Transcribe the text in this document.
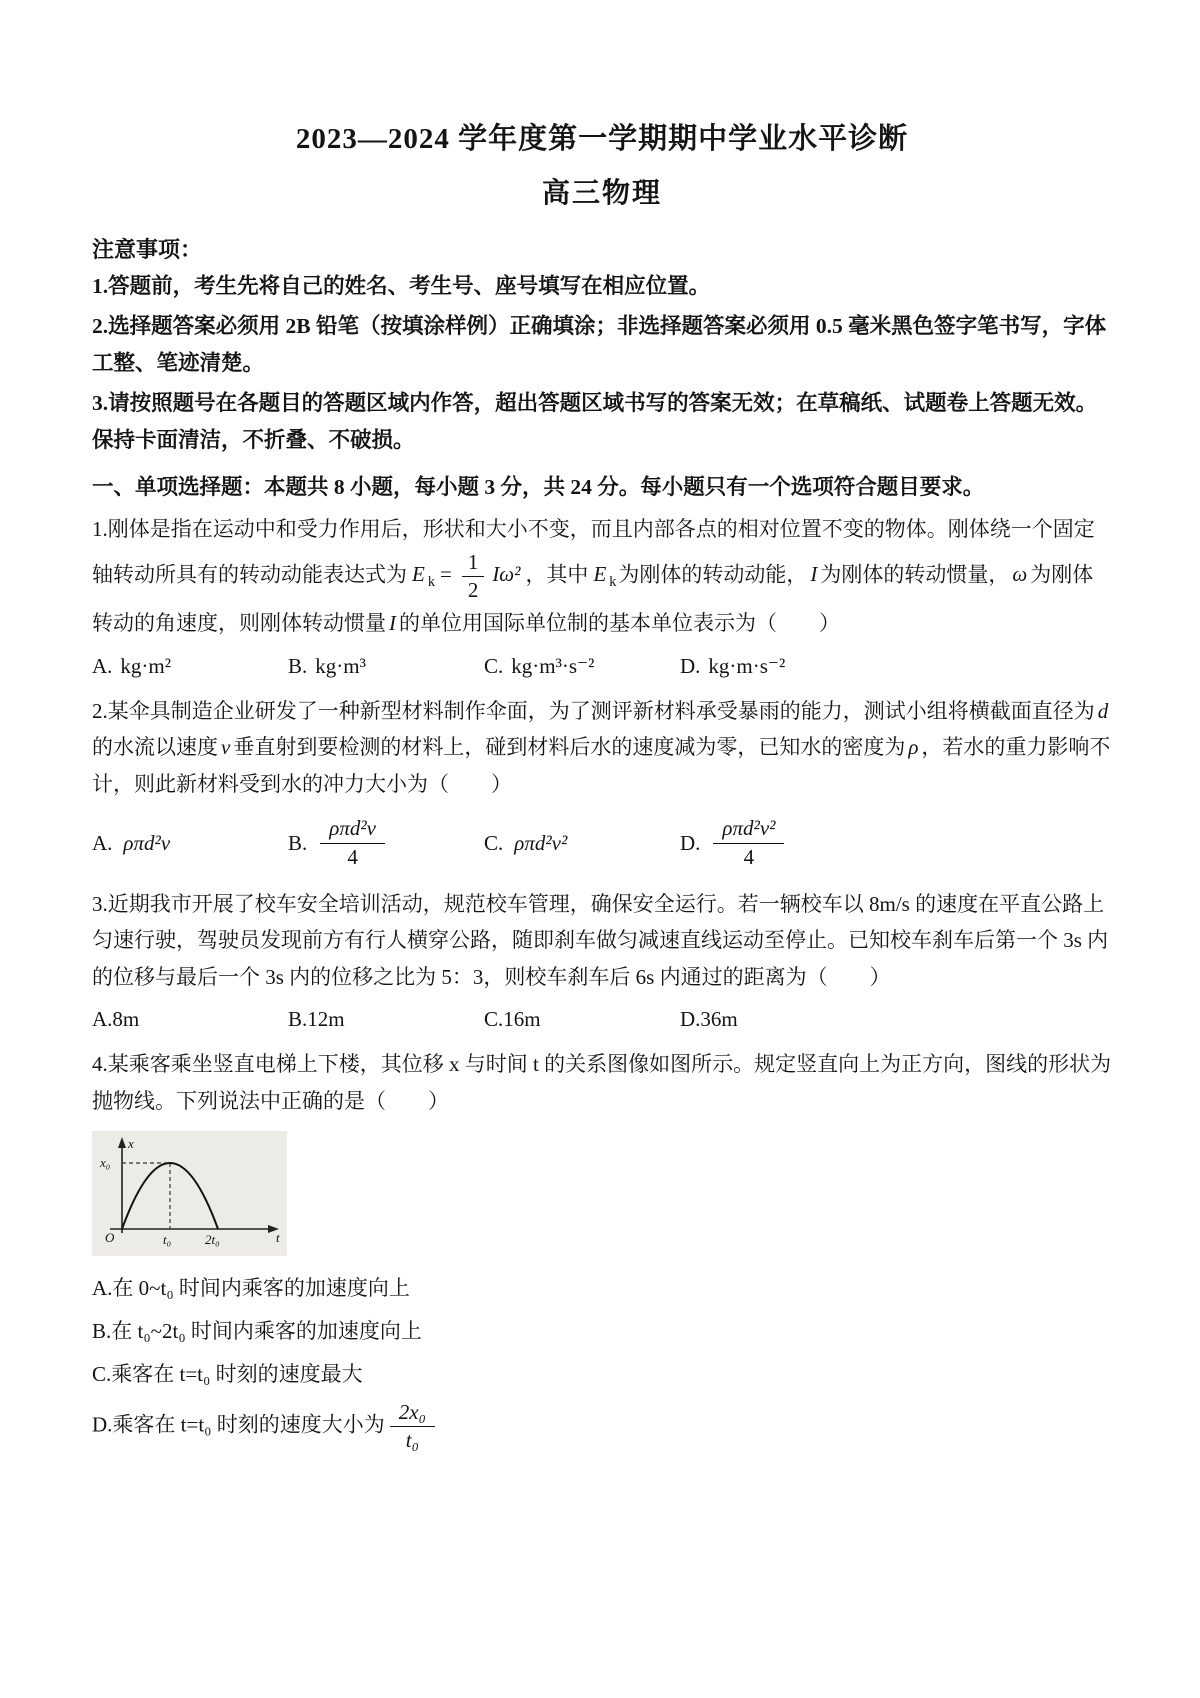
2023—2024 学年度第一学期期中学业水平诊断
高三物理

注意事项：

1.答题前，考生先将自己的姓名、考生号、座号填写在相应位置。

2.选择题答案必须用 2B 铅笔（按填涂样例）正确填涂；非选择题答案必须用 0.5 毫米黑色签字笔书写，字体工整、笔迹清楚。

3.请按照题号在各题目的答题区域内作答，超出答题区域书写的答案无效；在草稿纸、试题卷上答题无效。保持卡面清洁，不折叠、不破损。

一、单项选择题：本题共 8 小题，每小题 3 分，共 24 分。每小题只有一个选项符合题目要求。

1.刚体是指在运动中和受力作用后，形状和大小不变，而且内部各点的相对位置不变的物体。刚体绕一个固定轴转动所具有的转动动能表达式为 E $_k = \frac{1}{2} I\omega^2$ ，其中 E $_k$为刚体的转动动能， I 为刚体的转动惯量， ω 为刚体转动的角速度，则刚体转动惯量 I 的单位用国际单位制的基本单位表示为（　　）

A. kg·m²	B. kg·m³	C. kg·m³·s⁻²	D. kg·m·s⁻²

2.某伞具制造企业研发了一种新型材料制作伞面，为了测评新材料承受暴雨的能力，测试小组将横截面直径为 d的水流以速度 v 垂直射到要检测的材料上，碰到材料后水的速度减为零，已知水的密度为 ρ ，若水的重力影响不计，则此新材料受到水的冲力大小为（　　）

A. ρπd²v	B. $\frac{\text{ρπd²v}}{4}$	C. ρπd²v²	D. $\frac{\text{ρπd²v²}}{4}$

3.近期我市开展了校车安全培训活动，规范校车管理，确保安全运行。若一辆校车以 8m/s 的速度在平直公路上匀速行驶，驾驶员发现前方有行人横穿公路，随即刹车做匀减速直线运动至停止。已知校车刹车后第一个 3s 内的位移与最后一个 3s 内的位移之比为 5：3，则校车刹车后 6s 内通过的距离为（　　）

A.8m	B.12m	C.16m	D.36m

4.某乘客乘坐竖直电梯上下楼，其位移 x 与时间 t 的关系图像如图所示。规定竖直向上为正方向，图线的形状为抛物线。下列说法中正确的是（　　）

x
x₀
O	t₀	2t₀	t

A.在 0~t₀ 时间内乘客的加速度向上

B.在 t₀~2t₀ 时间内乘客的加速度向上

C.乘客在 t=t₀ 时刻的速度最大

D.乘客在 t=t₀ 时刻的速度大小为 $\frac{\text{2x₀}}{\text{t₀}}$
